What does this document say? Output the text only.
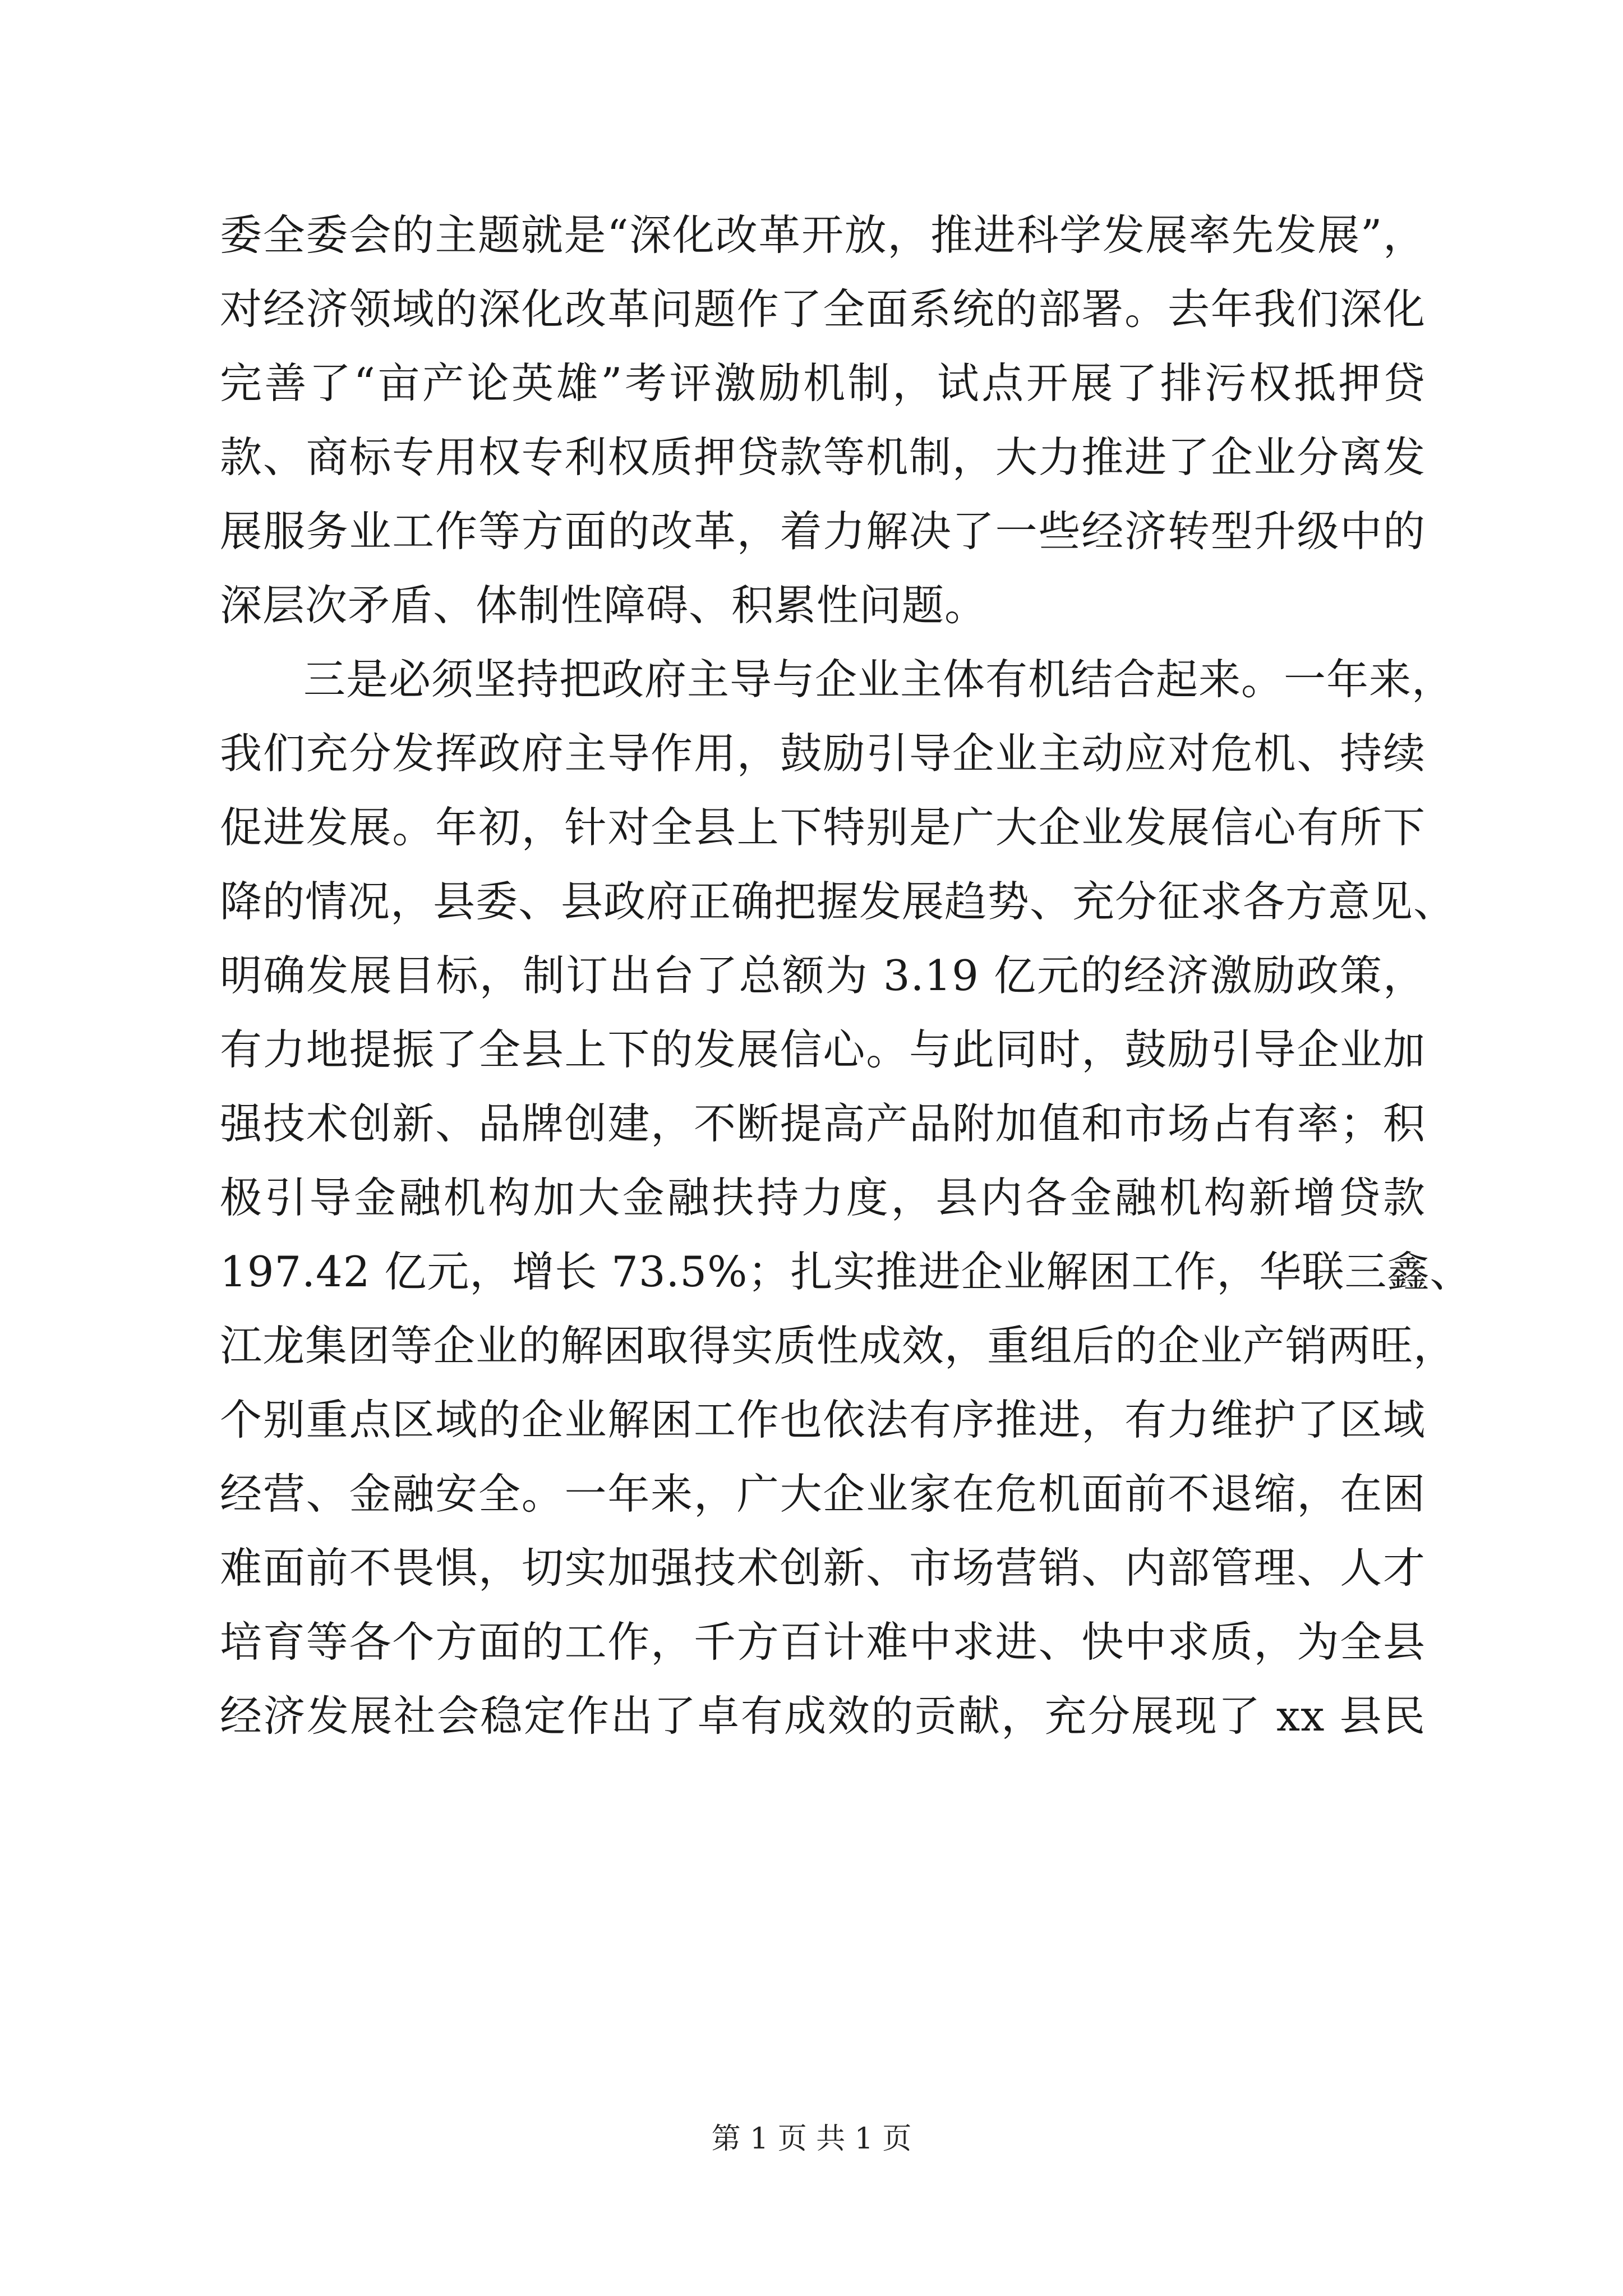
委全委会的主题就是“深化改革开放，推进科学发展率先发展”，
对经济领域的深化改革问题作了全面系统的部署。去年我们深化
完善了“亩产论英雄”考评激励机制，试点开展了排污权抵押贷
款、商标专用权专利权质押贷款等机制，大力推进了企业分离发
展服务业工作等方面的改革，着力解决了一些经济转型升级中的
深层次矛盾、体制性障碍、积累性问题。
三是必须坚持把政府主导与企业主体有机结合起来。一年来，
我们充分发挥政府主导作用，鼓励引导企业主动应对危机、持续
促进发展。年初，针对全县上下特别是广大企业发展信心有所下
降的情况，县委、县政府正确把握发展趋势、充分征求各方意见、
明确发展目标，制订出台了总额为 3.19 亿元的经济激励政策，
有力地提振了全县上下的发展信心。与此同时，鼓励引导企业加
强技术创新、品牌创建，不断提高产品附加值和市场占有率；积
极引导金融机构加大金融扶持力度，县内各金融机构新增贷款
197.42 亿元，增长 73.5%；扎实推进企业解困工作，华联三鑫、
江龙集团等企业的解困取得实质性成效，重组后的企业产销两旺，
个别重点区域的企业解困工作也依法有序推进，有力维护了区域
经营、金融安全。一年来，广大企业家在危机面前不退缩，在困
难面前不畏惧，切实加强技术创新、市场营销、内部管理、人才
培育等各个方面的工作，千方百计难中求进、快中求质，为全县
经济发展社会稳定作出了卓有成效的贡献，充分展现了 xx 县民
第 1 页 共 1 页
